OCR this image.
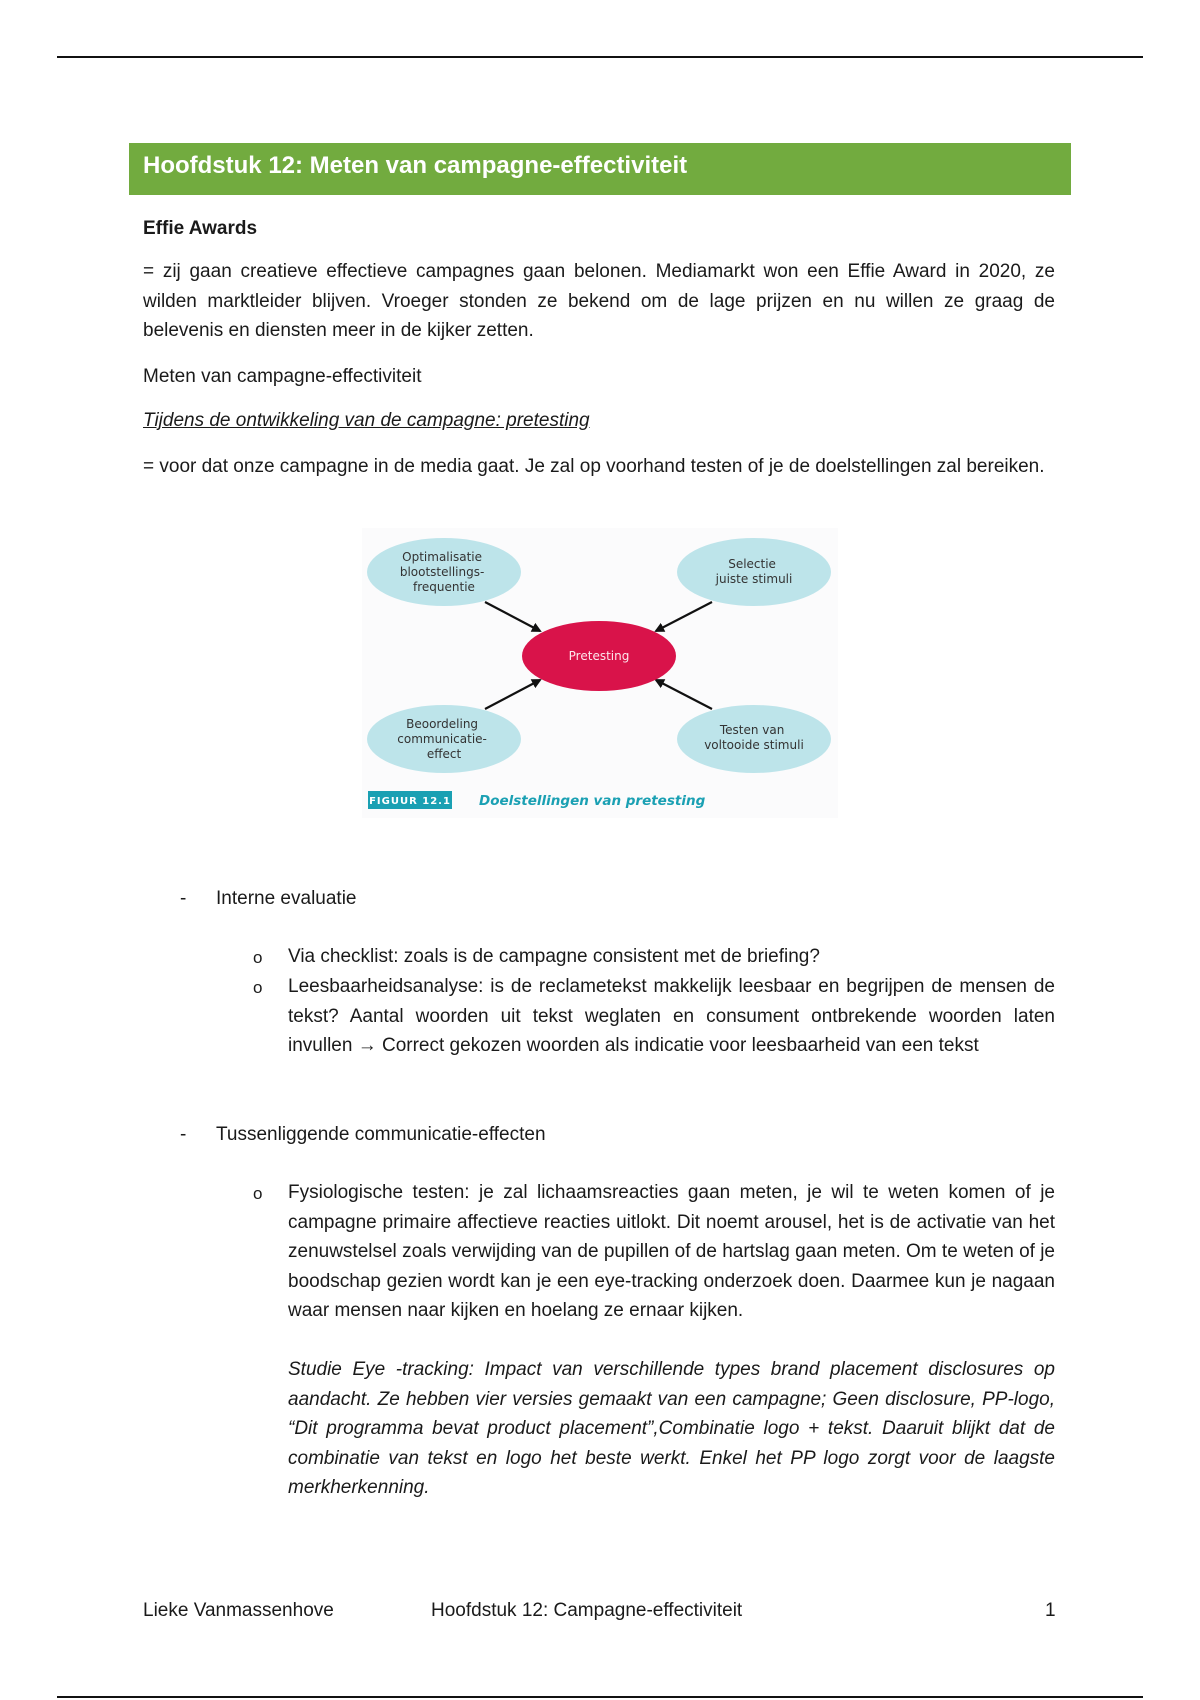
Hoofdstuk 12: Meten van campagne-effectiviteit
Effie Awards
= zij gaan creatieve effectieve campagnes gaan belonen. Mediamarkt won een Effie Award in 2020, ze wilden marktleider blijven. Vroeger stonden ze bekend om de lage prijzen en nu willen ze graag de belevenis en diensten meer in de kijker zetten.
Meten van campagne-effectiviteit
Tijdens de ontwikkeling van de campagne: pretesting
= voor dat onze campagne in de media gaat. Je zal op voorhand testen of je de doelstellingen zal bereiken.
Optimalisatie blootstellings- frequentie
Selectie juiste stimuli
Beoordeling communicatie- effect
Testen van voltooide stimuli
Pretesting
FIGUUR 12.1 Doelstellingen van pretesting
- Interne evaluatie
o Via checklist: zoals is de campagne consistent met de briefing?
o Leesbaarheidsanalyse: is de reclametekst makkelijk leesbaar en begrijpen de mensen de tekst? Aantal woorden uit tekst weglaten en consument ontbrekende woorden laten invullen → Correct gekozen woorden als indicatie voor leesbaarheid van een tekst
- Tussenliggende communicatie-effecten
o Fysiologische testen: je zal lichaamsreacties gaan meten, je wil te weten komen of je campagne primaire affectieve reacties uitlokt. Dit noemt arousel, het is de activatie van het zenuwstelsel zoals verwijding van de pupillen of de hartslag gaan meten. Om te weten of je boodschap gezien wordt kan je een eye-tracking onderzoek doen. Daarmee kun je nagaan waar mensen naar kijken en hoelang ze ernaar kijken.
Studie Eye -tracking: Impact van verschillende types brand placement disclosures op aandacht. Ze hebben vier versies gemaakt van een campagne; Geen disclosure, PP-logo, “Dit programma bevat product placement”,Combinatie logo + tekst. Daaruit blijkt dat de combinatie van tekst en logo het beste werkt. Enkel het PP logo zorgt voor de laagste merkherkenning.
Lieke Vanmassenhove	Hoofdstuk 12: Campagne-effectiviteit	1
